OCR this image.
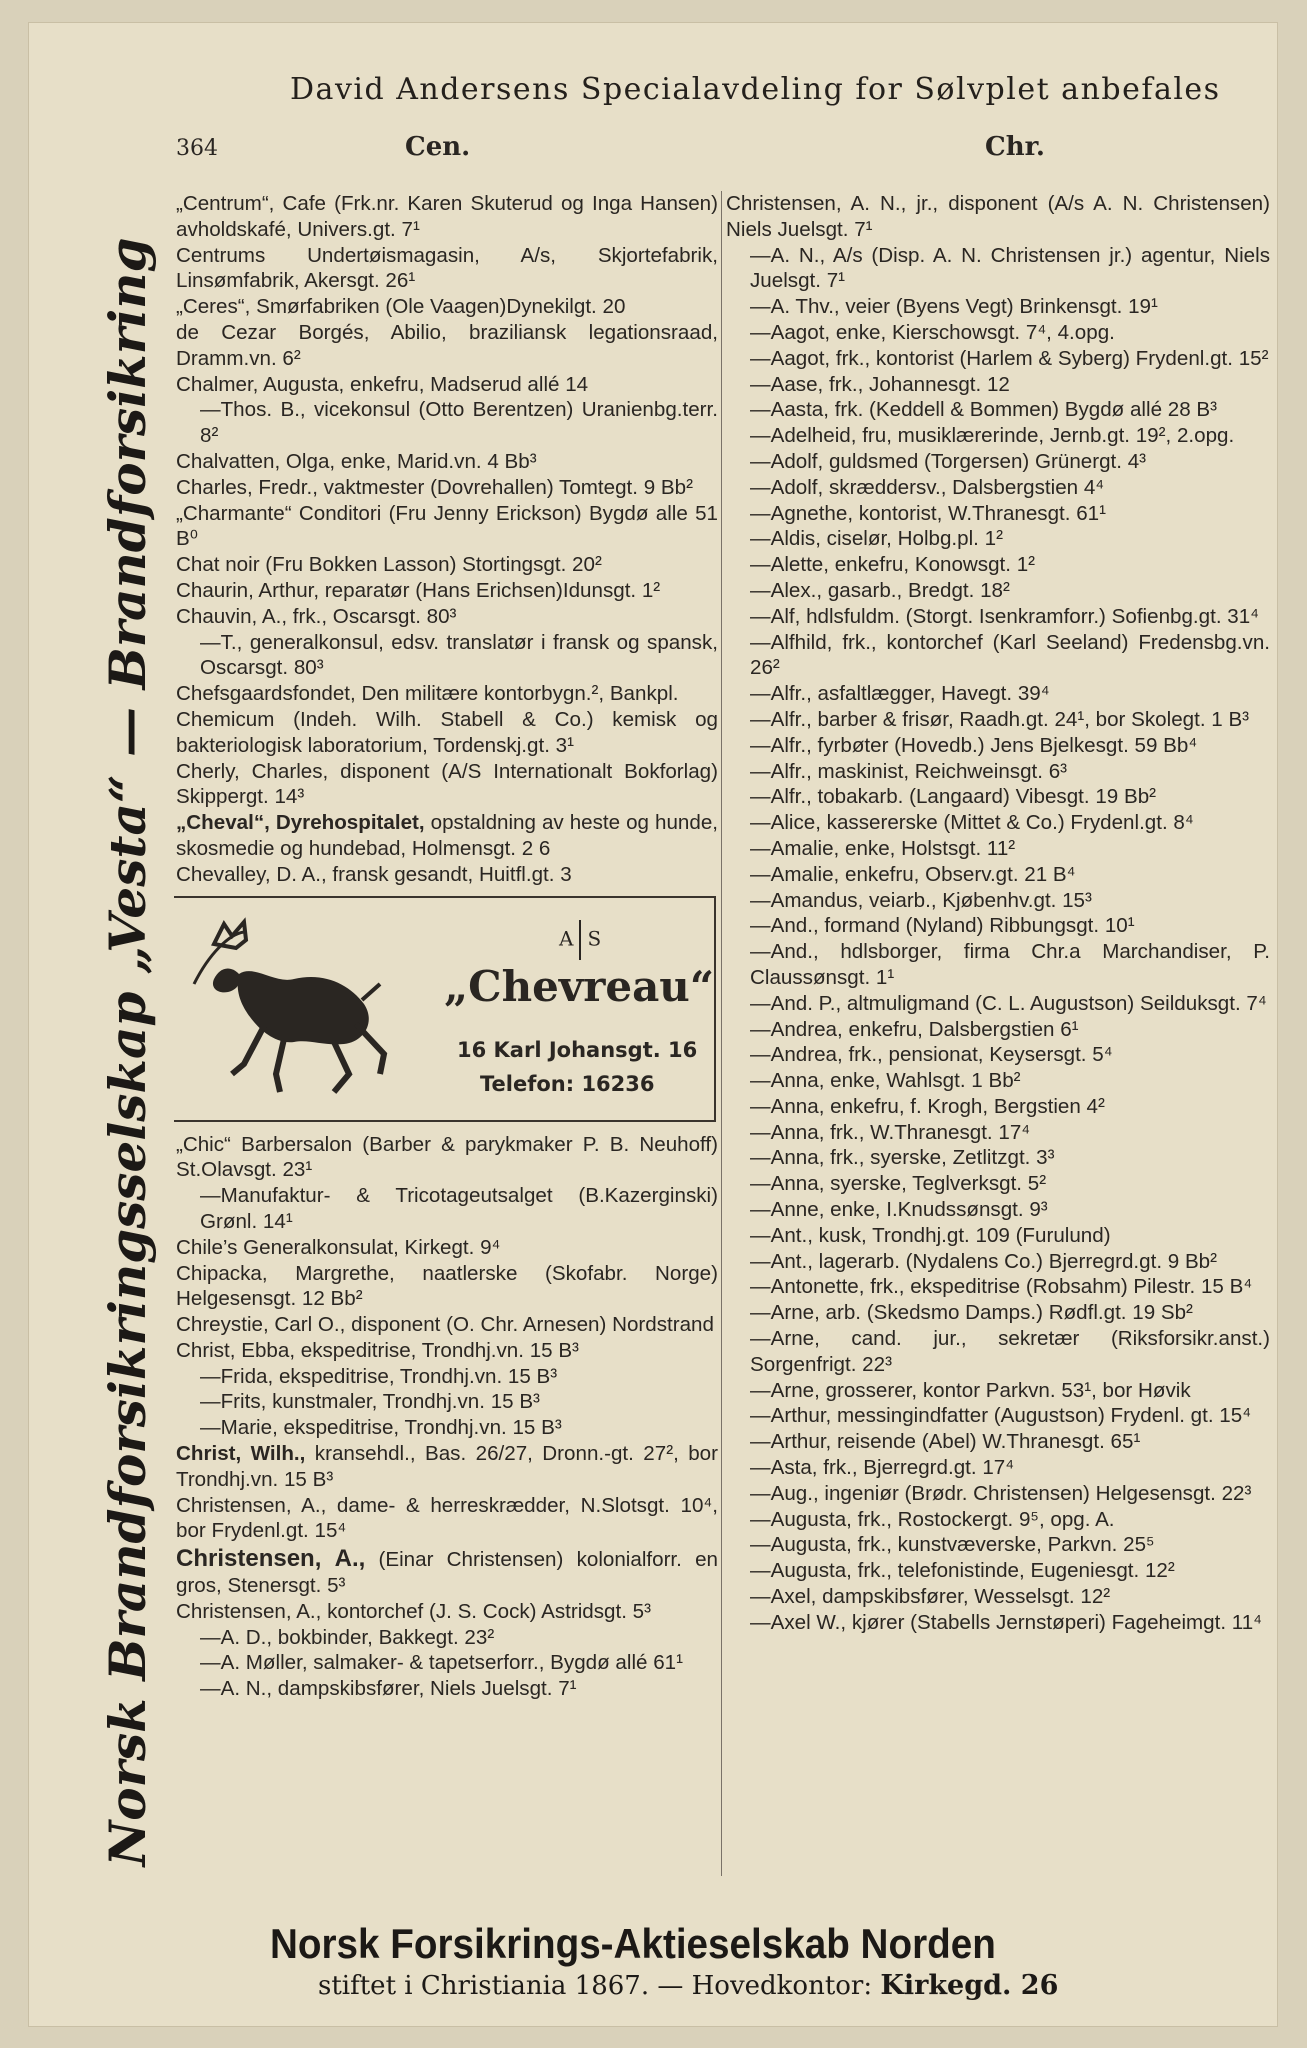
David Andersens Specialavdeling for Sølvplet anbefales
364	Cen.	Chr.
Norsk Brandforsikringsselskap „Vesta“ — Brandforsikring

„Centrum“, Cafe (Frk.nr. Karen Skuterud og Inga Hansen) avholdskafé, Univers.gt. 7¹

Centrums Undertøismagasin, A/s, Skjortefabrik, Linsømfabrik, Akersgt. 26¹

„Ceres“, Smørfabriken (Ole Vaagen)Dynekilgt. 20

de Cezar Borgés, Abilio, braziliansk legationsraad, Dramm.vn. 6²

Chalmer, Augusta, enkefru, Madserud allé 14

—Thos. B., vicekonsul (Otto Berentzen) Uranienbg.terr. 8²

Chalvatten, Olga, enke, Marid.vn. 4 Bb³

Charles, Fredr., vaktmester (Dovrehallen) Tomtegt. 9 Bb²

„Charmante“ Conditori (Fru Jenny Erickson) Bygdø alle 51 B⁰

Chat noir (Fru Bokken Lasson) Stortingsgt. 20²

Chaurin, Arthur, reparatør (Hans Erichsen)Idunsgt. 1²

Chauvin, A., frk., Oscarsgt. 80³

—T., generalkonsul, edsv. translatør i fransk og spansk, Oscarsgt. 80³

Chefsgaardsfondet, Den militære kontorbygn.², Bankpl.

Chemicum (Indeh. Wilh. Stabell & Co.) kemisk og bakteriologisk laboratorium, Tordenskj.gt. 3¹

Cherly, Charles, disponent (A/S Internationalt Bokforlag) Skippergt. 14³

„Cheval“, Dyrehospitalet, opstaldning av heste og hunde, skosmedie og hundebad, Holmensgt. 2 6

Chevalley, D. A., fransk gesandt, Huitfl.gt. 3

A S
„Chevreau“
16 Karl Johansgt. 16
Telefon: 16236

„Chic“ Barbersalon (Barber & parykmaker P. B. Neuhoff) St.Olavsgt. 23¹

—Manufaktur- & Tricotageutsalget (B.Kazerginski) Grønl. 14¹

Chile’s Generalkonsulat, Kirkegt. 9⁴

Chipacka, Margrethe, naatlerske (Skofabr. Norge) Helgesensgt. 12 Bb²

Chreystie, Carl O., disponent (O. Chr. Arnesen) Nordstrand

Christ, Ebba, ekspeditrise, Trondhj.vn. 15 B³

—Frida, ekspeditrise, Trondhj.vn. 15 B³

—Frits, kunstmaler, Trondhj.vn. 15 B³

—Marie, ekspeditrise, Trondhj.vn. 15 B³

Christ, Wilh., kransehdl., Bas. 26/27, Dronn.-gt. 27², bor Trondhj.vn. 15 B³

Christensen, A., dame- & herreskrædder, N.Slotsgt. 10⁴, bor Frydenl.gt. 15⁴

Christensen, A., (Einar Christensen) kolonialforr. en gros, Stenersgt. 5³

Christensen, A., kontorchef (J. S. Cock) Astridsgt. 5³

—A. D., bokbinder, Bakkegt. 23²

—A. Møller, salmaker- & tapetserforr., Bygdø allé 61¹

—A. N., dampskibsfører, Niels Juelsgt. 7¹

Christensen, A. N., jr., disponent (A/s A. N. Christensen) Niels Juelsgt. 7¹

—A. N., A/s (Disp. A. N. Christensen jr.) agentur, Niels Juelsgt. 7¹

—A. Thv., veier (Byens Vegt) Brinkensgt. 19¹

—Aagot, enke, Kierschowsgt. 7⁴, 4.opg.

—Aagot, frk., kontorist (Harlem & Syberg) Frydenl.gt. 15²

—Aase, frk., Johannesgt. 12

—Aasta, frk. (Keddell & Bommen) Bygdø allé 28 B³

—Adelheid, fru, musiklærerinde, Jernb.gt. 19², 2.opg.

—Adolf, guldsmed (Torgersen) Grünergt. 4³

—Adolf, skræddersv., Dalsbergstien 4⁴

—Agnethe, kontorist, W.Thranesgt. 61¹

—Aldis, ciselør, Holbg.pl. 1²

—Alette, enkefru, Konowsgt. 1²

—Alex., gasarb., Bredgt. 18²

—Alf, hdlsfuldm. (Storgt. Isenkramforr.) Sofienbg.gt. 31⁴

—Alfhild, frk., kontorchef (Karl Seeland) Fredensbg.vn. 26²

—Alfr., asfaltlægger, Havegt. 39⁴

—Alfr., barber & frisør, Raadh.gt. 24¹, bor Skolegt. 1 B³

—Alfr., fyrbøter (Hovedb.) Jens Bjelkesgt. 59 Bb⁴

—Alfr., maskinist, Reichweinsgt. 6³

—Alfr., tobakarb. (Langaard) Vibesgt. 19 Bb²

—Alice, kassererske (Mittet & Co.) Frydenl.gt. 8⁴

—Amalie, enke, Holstsgt. 11²

—Amalie, enkefru, Observ.gt. 21 B⁴

—Amandus, veiarb., Kjøbenhv.gt. 15³

—And., formand (Nyland) Ribbungsgt. 10¹

—And., hdlsborger, firma Chr.a Marchandiser, P. Claussønsgt. 1¹

—And. P., altmuligmand (C. L. Augustson) Seilduksgt. 7⁴

—Andrea, enkefru, Dalsbergstien 6¹

—Andrea, frk., pensionat, Keysersgt. 5⁴

—Anna, enke, Wahlsgt. 1 Bb²

—Anna, enkefru, f. Krogh, Bergstien 4²

—Anna, frk., W.Thranesgt. 17⁴

—Anna, frk., syerske, Zetlitzgt. 3³

—Anna, syerske, Teglverksgt. 5²

—Anne, enke, I.Knudssønsgt. 9³

—Ant., kusk, Trondhj.gt. 109 (Furulund)

—Ant., lagerarb. (Nydalens Co.) Bjerregrd.gt. 9 Bb²

—Antonette, frk., ekspeditrise (Robsahm) Pilestr. 15 B⁴

—Arne, arb. (Skedsmo Damps.) Rødfl.gt. 19 Sb²

—Arne, cand. jur., sekretær (Riksforsikr.anst.) Sorgenfrigt. 22³

—Arne, grosserer, kontor Parkvn. 53¹, bor Høvik

—Arthur, messingindfatter (Augustson) Frydenl. gt. 15⁴

—Arthur, reisende (Abel) W.Thranesgt. 65¹

—Asta, frk., Bjerregrd.gt. 17⁴

—Aug., ingeniør (Brødr. Christensen) Helgesensgt. 22³

—Augusta, frk., Rostockergt. 9⁵, opg. A.

—Augusta, frk., kunstvæverske, Parkvn. 25⁵

—Augusta, frk., telefonistinde, Eugeniesgt. 12²

—Axel, dampskibsfører, Wesselsgt. 12²

—Axel W., kjører (Stabells Jernstøperi) Fageheimgt. 11⁴

Norsk Forsikrings-Aktieselskab Norden
stiftet i Christiania 1867. — Hovedkontor: Kirkegd. 26
